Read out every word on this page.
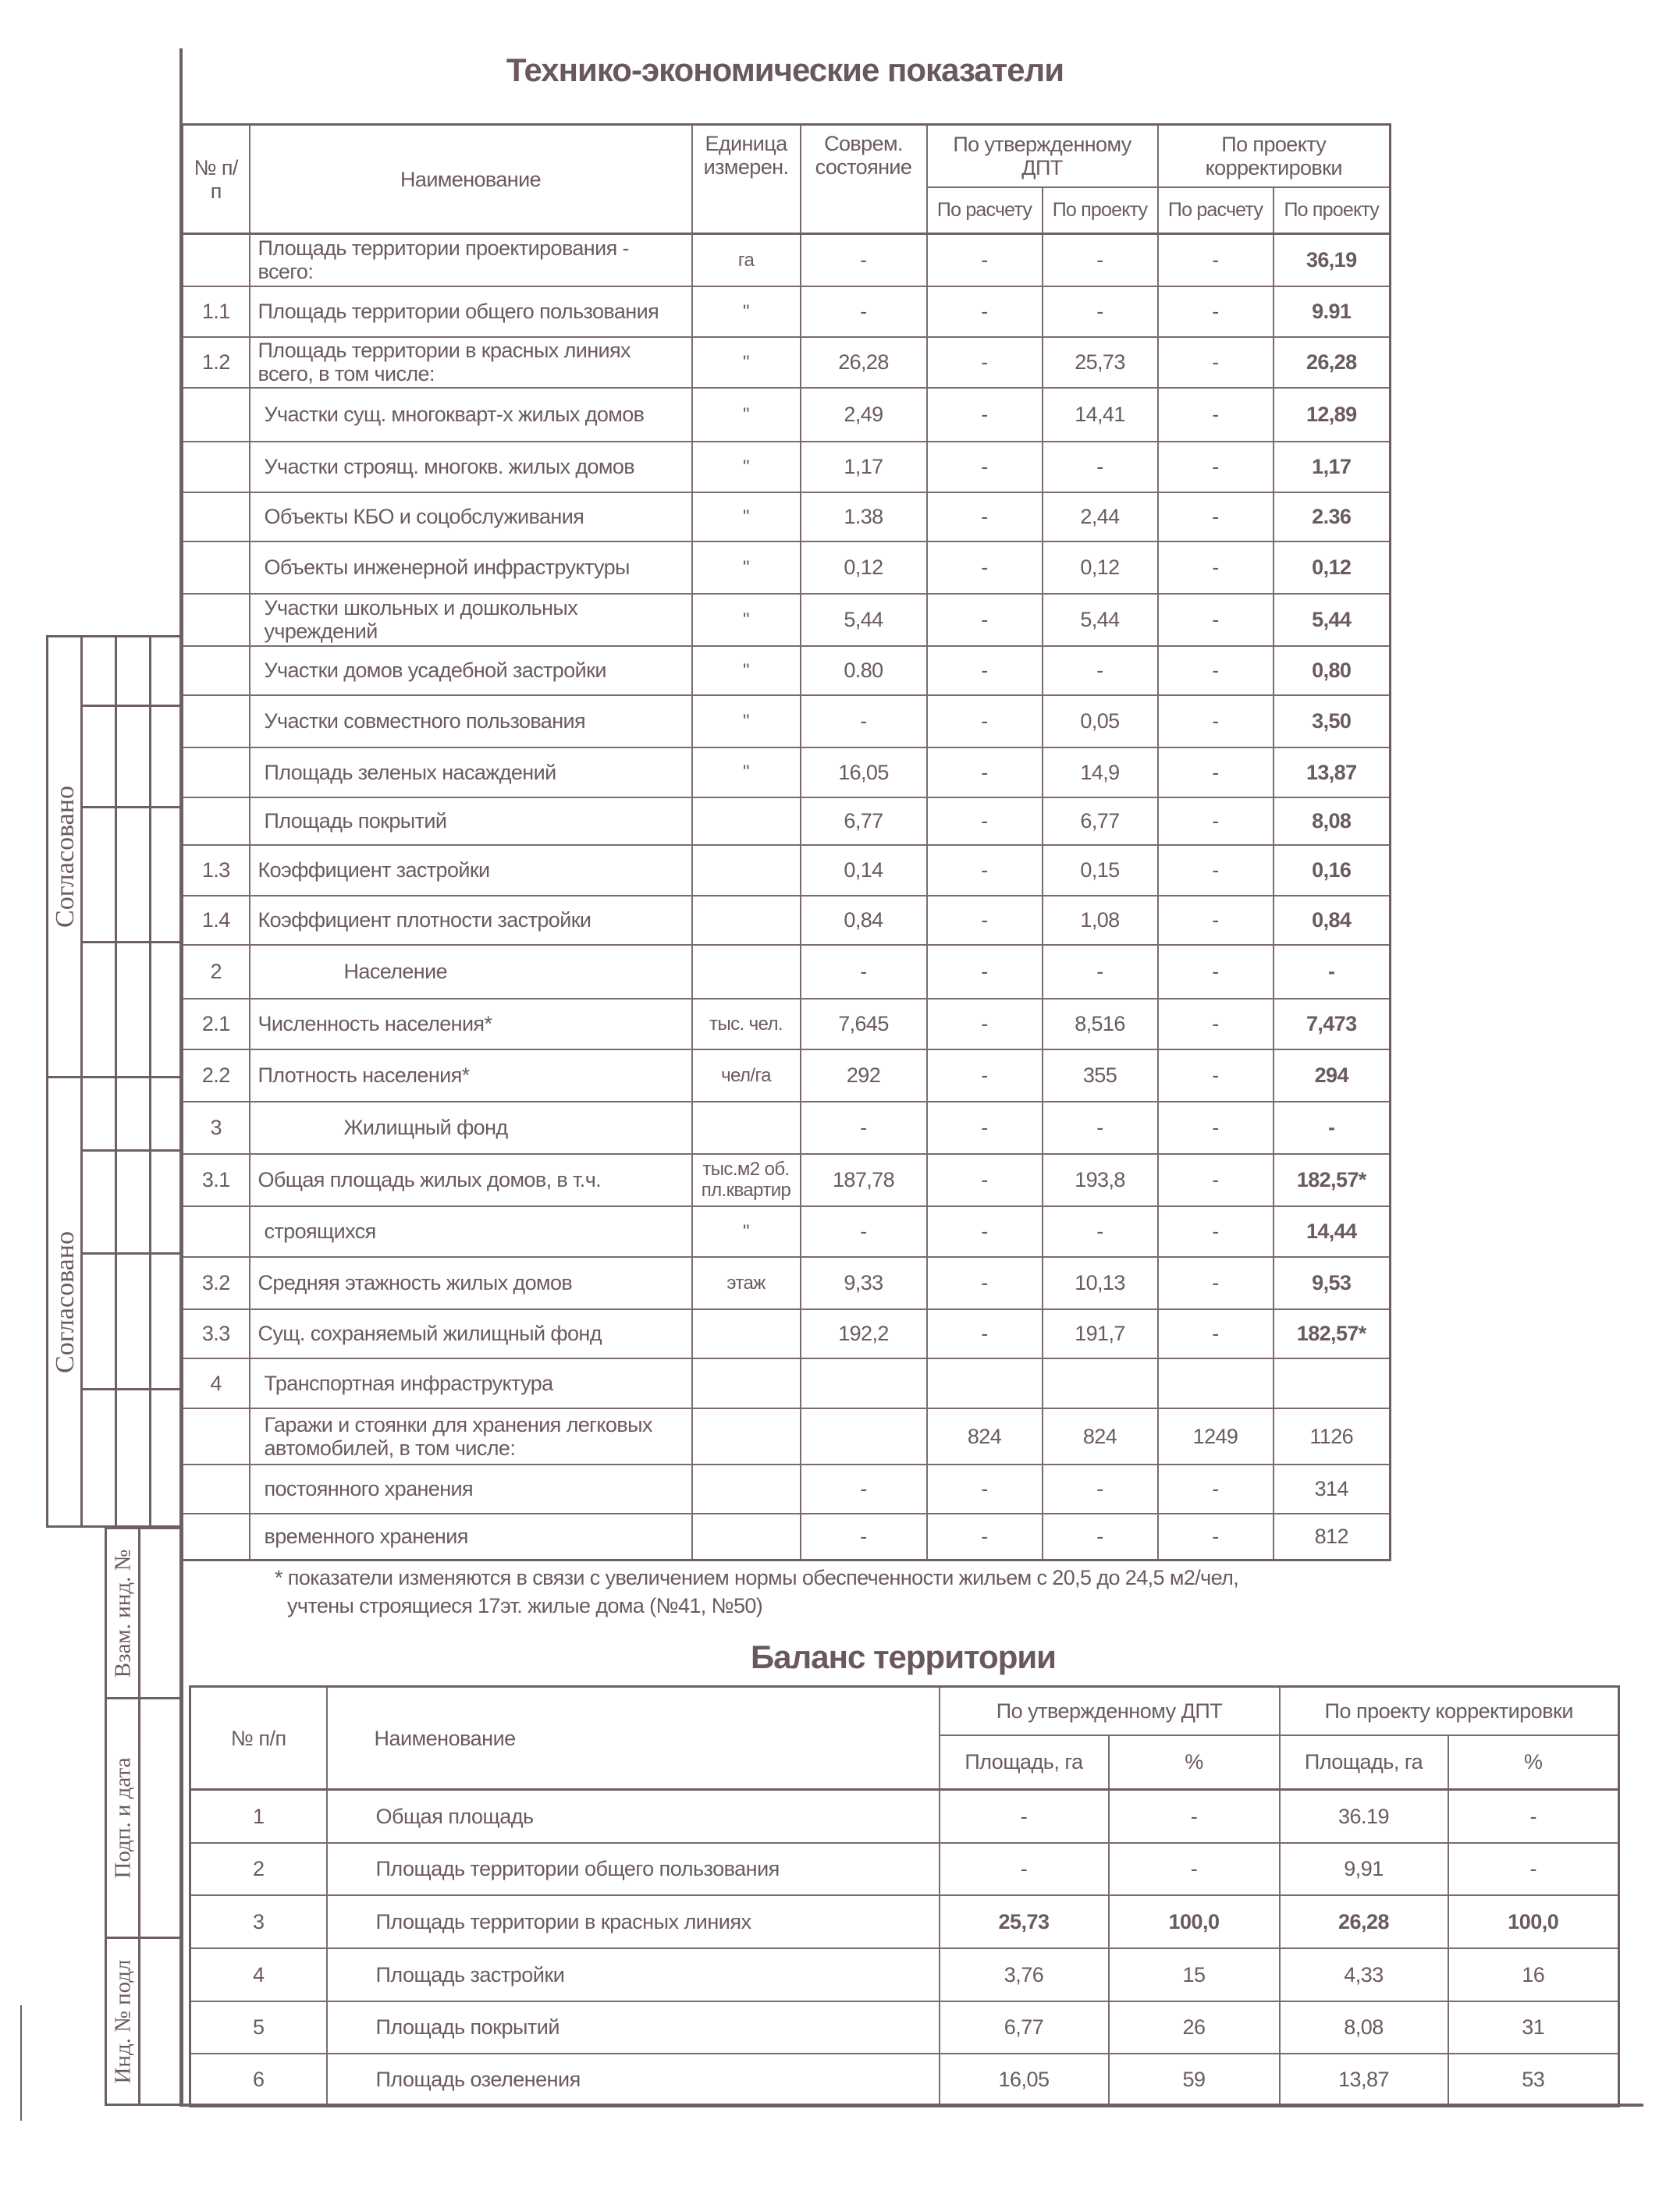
Технико-экономические показатели
№ п/п	Наименование	Единица измерен.	Соврем. состояние	По утвержденному ДПТ		По проекту корректировки	
				По расчету	По проекту	По расчету	По проекту
	Площадь территории проектирования - всего:	га	-	-	-	-	36,19
1.1	Площадь территории общего пользования	"	-	-	-	-	9.91
1.2	Площадь территории в красных линиях всего, в том числе:	"	26,28	-	25,73	-	26,28
	Участки сущ. многокварт-х жилых домов	"	2,49	-	14,41	-	12,89
	Участки строящ. многокв. жилых домов	"	1,17	-	-	-	1,17
	Объекты КБО и соцобслуживания	"	1.38	-	2,44	-	2.36
	Объекты инженерной инфраструктуры	"	0,12	-	0,12	-	0,12
	Участки школьных и дошкольных учреждений	"	5,44	-	5,44	-	5,44
	Участки домов усадебной застройки	"	0.80	-	-	-	0,80
	Участки совместного пользования	"	-	-	0,05	-	3,50
	Площадь зеленых насаждений	"	16,05	-	14,9	-	13,87
	Площадь покрытий		6,77	-	6,77	-	8,08
1.3	Коэффициент застройки		0,14	-	0,15	-	0,16
1.4	Коэффициент плотности застройки		0,84	-	1,08	-	0,84
2	Население		-	-	-	-	-
2.1	Численность населения*	тыс. чел.	7,645	-	8,516	-	7,473
2.2	Плотность населения*	чел/га	292	-	355	-	294
3	Жилищный фонд		-	-	-	-	-
3.1	Общая площадь жилых домов, в т.ч.	тыс.м2 об. пл.квартир	187,78	-	193,8	-	182,57*
	строящихся	"	-	-	-	-	14,44
3.2	Средняя этажность жилых домов	этаж	9,33	-	10,13	-	9,53
3.3	Сущ. сохраняемый жилищный фонд		192,2	-	191,7	-	182,57*
4	Транспортная инфраструктура						
	Гаражи и стоянки для хранения легковых автомобилей, в том числе:			824	824	1249	1126
	постоянного хранения		-	-	-	-	314
	временного хранения		-	-	-	-	812
* показатели изменяются в связи с увеличением нормы обеспеченности жильем с 20,5 до 24,5 м2/чел,
учтены строящиеся 17эт. жилые дома (№41, №50)
Баланс территории
№ п/п	Наименование	По утвержденному ДПТ		По проекту корректировки	
		Площадь, га	%	Площадь, га	%
1	Общая площадь	-	-	36.19	-
2	Площадь территории общего пользования	-	-	9,91	-
3	Площадь территории в красных линиях	25,73	100,0	26,28	100,0
4	Площадь застройки	3,76	15	4,33	16
5	Площадь покрытий	6,77	26	8,08	31
6	Площадь озеленения	16,05	59	13,87	53
Согласовано
Согласовано
Взам. инд. №
Подп. и дата
Инд. № подл
